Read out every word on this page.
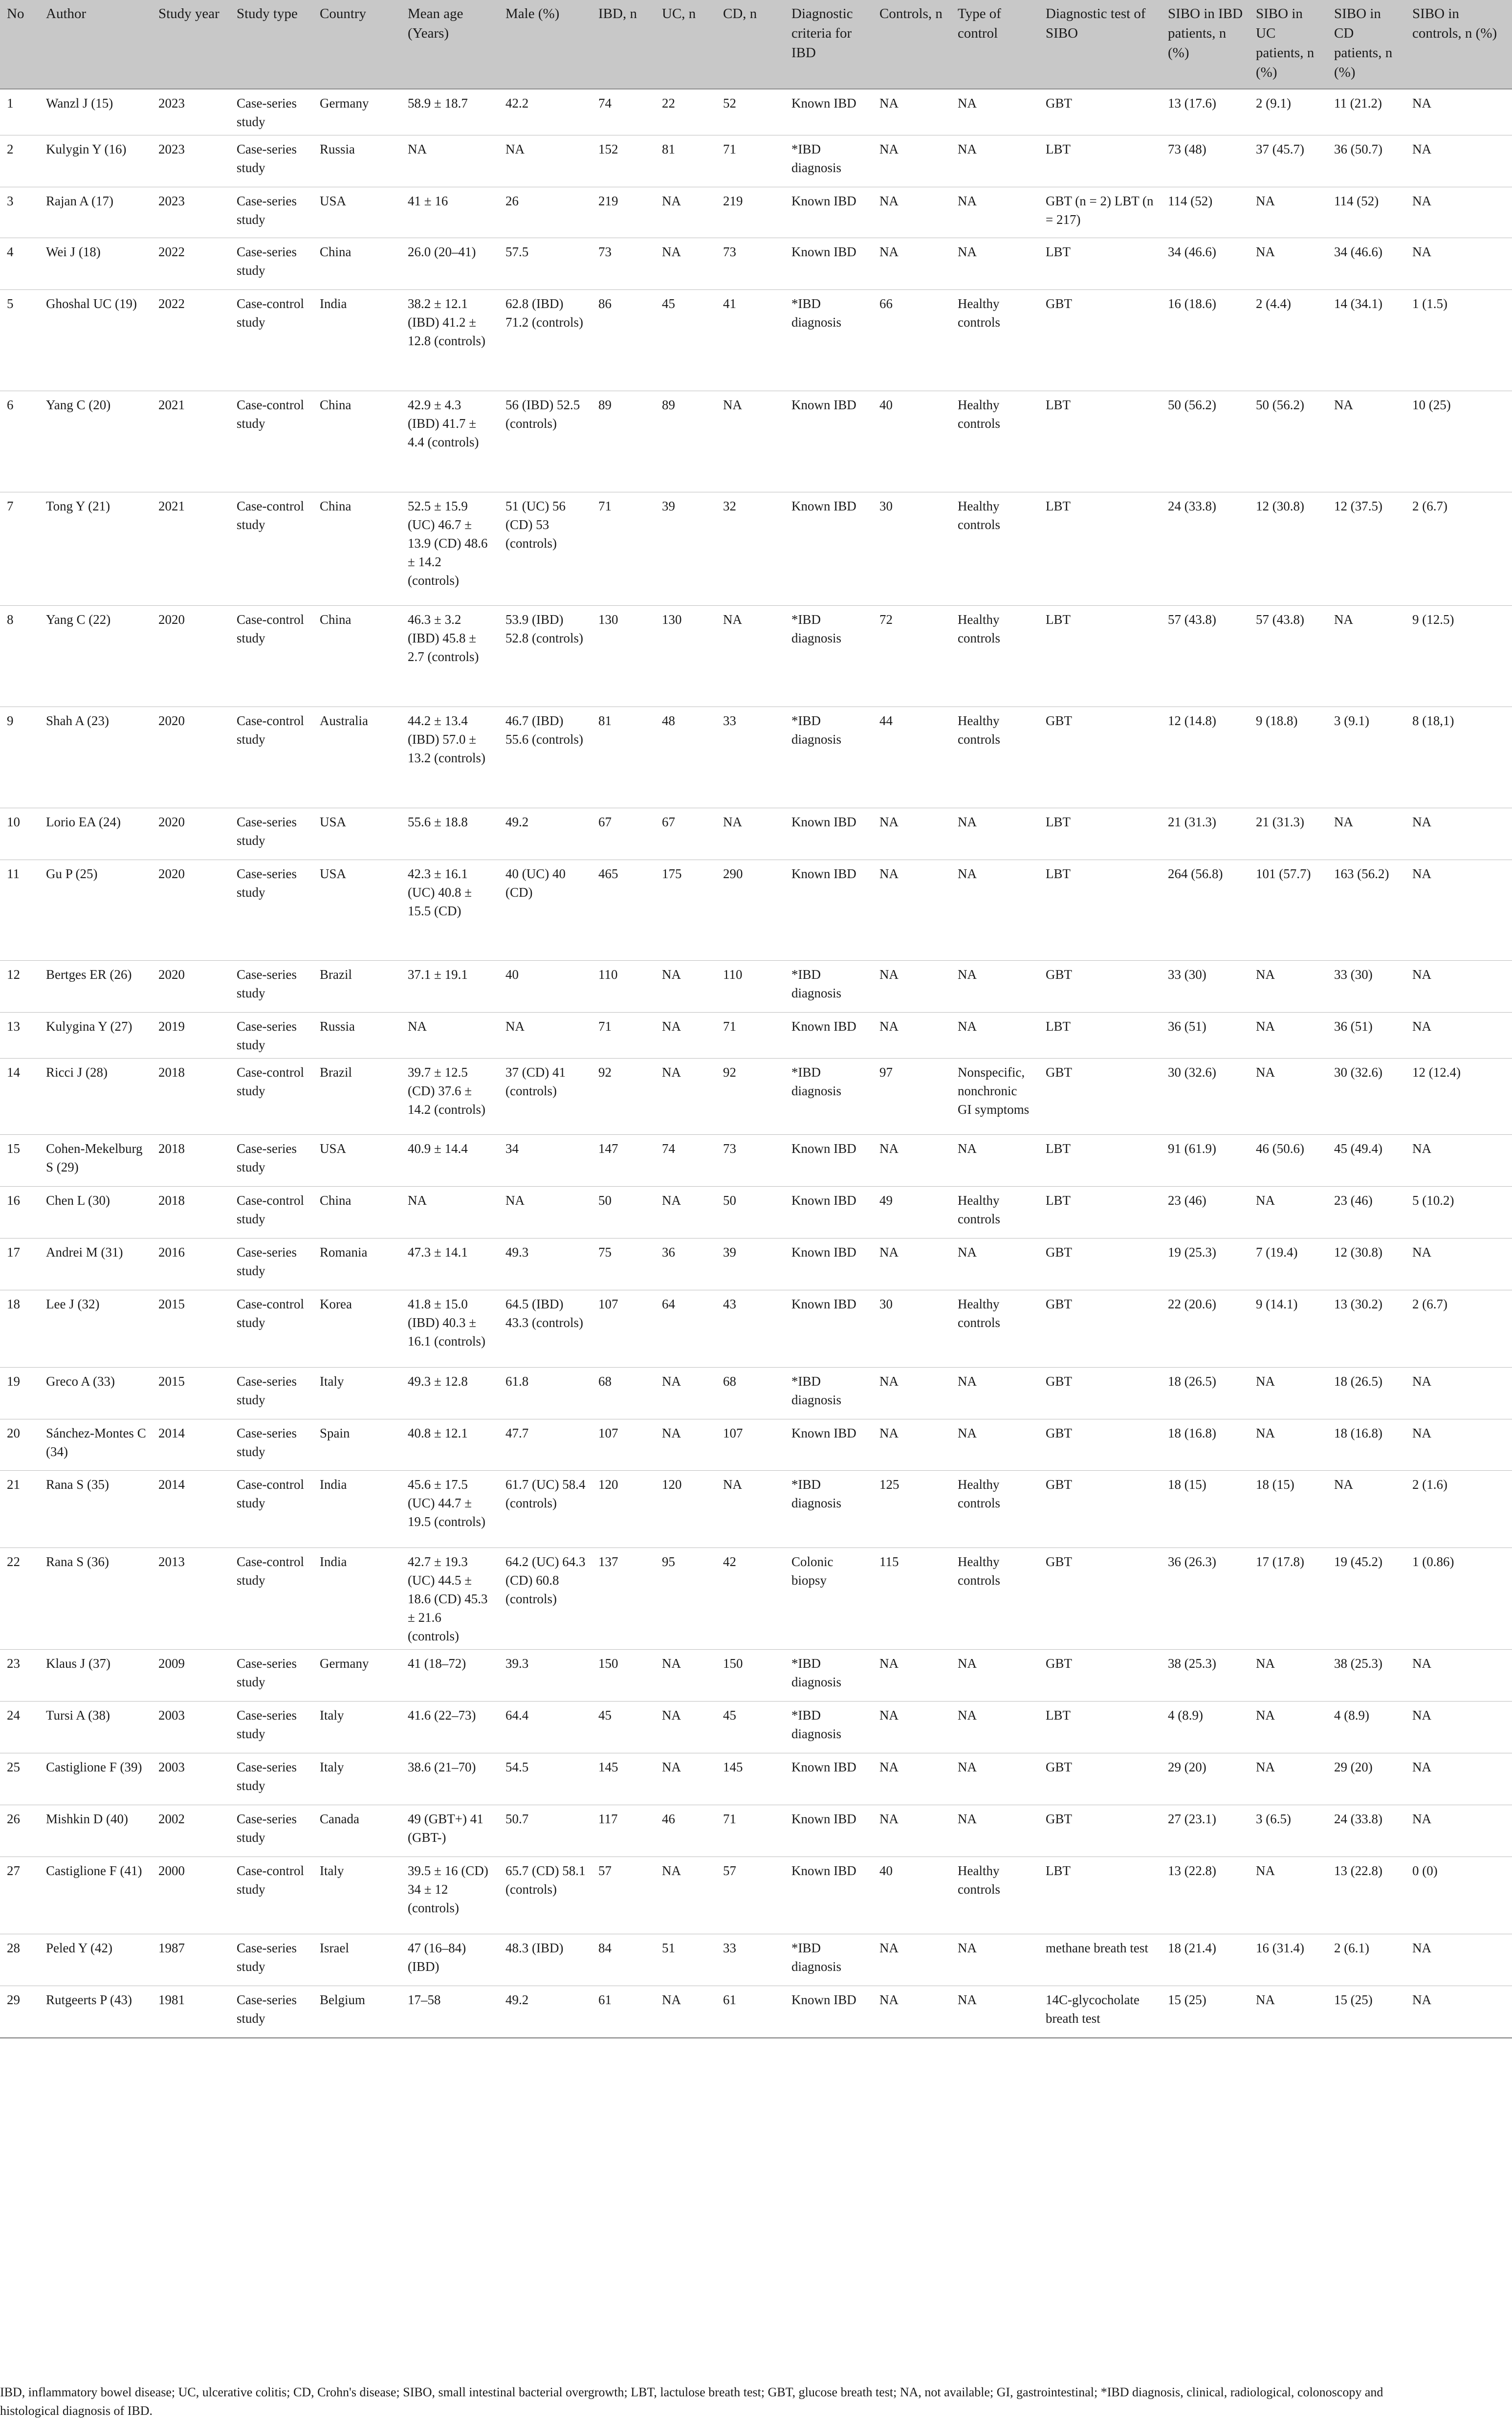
No	Author	Study year	Study type	Country	Mean age (Years)	Male (%)	IBD, n	UC, n	CD, n	Diagnostic criteria for IBD	Controls, n	Type of control	Diagnostic test of SIBO	SIBO in IBD patients, n (%)	SIBO in UC patients, n (%)	SIBO in CD patients, n (%)	SIBO in controls, n (%)
1	Wanzl J (15)	2023	Case-series study	Germany	58.9 ± 18.7	42.2	74	22	52	Known IBD	NA	NA	GBT	13 (17.6)	2 (9.1)	11 (21.2)	NA
2	Kulygin Y (16)	2023	Case-series study	Russia	NA	NA	152	81	71	*IBD diagnosis	NA	NA	LBT	73 (48)	37 (45.7)	36 (50.7)	NA
3	Rajan A (17)	2023	Case-series study	USA	41 ± 16	26	219	NA	219	Known IBD	NA	NA	GBT (n = 2) LBT (n = 217)	114 (52)	NA	114 (52)	NA
4	Wei J (18)	2022	Case-series study	China	26.0 (20–41)	57.5	73	NA	73	Known IBD	NA	NA	LBT	34 (46.6)	NA	34 (46.6)	NA
5	Ghoshal UC (19)	2022	Case-control study	India	38.2 ± 12.1 (IBD) 41.2 ± 12.8 (controls)	62.8 (IBD) 71.2 (controls)	86	45	41	*IBD diagnosis	66	Healthy controls	GBT	16 (18.6)	2 (4.4)	14 (34.1)	1 (1.5)
6	Yang C (20)	2021	Case-control study	China	42.9 ± 4.3 (IBD) 41.7 ± 4.4 (controls)	56 (IBD) 52.5 (controls)	89	89	NA	Known IBD	40	Healthy controls	LBT	50 (56.2)	50 (56.2)	NA	10 (25)
7	Tong Y (21)	2021	Case-control study	China	52.5 ± 15.9 (UC) 46.7 ± 13.9 (CD) 48.6 ± 14.2 (controls)	51 (UC) 56 (CD) 53 (controls)	71	39	32	Known IBD	30	Healthy controls	LBT	24 (33.8)	12 (30.8)	12 (37.5)	2 (6.7)
8	Yang C (22)	2020	Case-control study	China	46.3 ± 3.2 (IBD) 45.8 ± 2.7 (controls)	53.9 (IBD) 52.8 (controls)	130	130	NA	*IBD diagnosis	72	Healthy controls	LBT	57 (43.8)	57 (43.8)	NA	9 (12.5)
9	Shah A (23)	2020	Case-control study	Australia	44.2 ± 13.4 (IBD) 57.0 ± 13.2 (controls)	46.7 (IBD) 55.6 (controls)	81	48	33	*IBD diagnosis	44	Healthy controls	GBT	12 (14.8)	9 (18.8)	3 (9.1)	8 (18,1)
10	Lorio EA (24)	2020	Case-series study	USA	55.6 ± 18.8	49.2	67	67	NA	Known IBD	NA	NA	LBT	21 (31.3)	21 (31.3)	NA	NA
11	Gu P (25)	2020	Case-series study	USA	42.3 ± 16.1 (UC) 40.8 ± 15.5 (CD)	40 (UC) 40 (CD)	465	175	290	Known IBD	NA	NA	LBT	264 (56.8)	101 (57.7)	163 (56.2)	NA
12	Bertges ER (26)	2020	Case-series study	Brazil	37.1 ± 19.1	40	110	NA	110	*IBD diagnosis	NA	NA	GBT	33 (30)	NA	33 (30)	NA
13	Kulygina Y (27)	2019	Case-series study	Russia	NA	NA	71	NA	71	Known IBD	NA	NA	LBT	36 (51)	NA	36 (51)	NA
14	Ricci J (28)	2018	Case-control study	Brazil	39.7 ± 12.5 (CD) 37.6 ± 14.2 (controls)	37 (CD) 41 (controls)	92	NA	92	*IBD diagnosis	97	Nonspecific, nonchronic GI symptoms	GBT	30 (32.6)	NA	30 (32.6)	12 (12.4)
15	Cohen-Mekelburg S (29)	2018	Case-series study	USA	40.9 ± 14.4	34	147	74	73	Known IBD	NA	NA	LBT	91 (61.9)	46 (50.6)	45 (49.4)	NA
16	Chen L (30)	2018	Case-control study	China	NA	NA	50	NA	50	Known IBD	49	Healthy controls	LBT	23 (46)	NA	23 (46)	5 (10.2)
17	Andrei M (31)	2016	Case-series study	Romania	47.3 ± 14.1	49.3	75	36	39	Known IBD	NA	NA	GBT	19 (25.3)	7 (19.4)	12 (30.8)	NA
18	Lee J (32)	2015	Case-control study	Korea	41.8 ± 15.0 (IBD) 40.3 ± 16.1 (controls)	64.5 (IBD) 43.3 (controls)	107	64	43	Known IBD	30	Healthy controls	GBT	22 (20.6)	9 (14.1)	13 (30.2)	2 (6.7)
19	Greco A (33)	2015	Case-series study	Italy	49.3 ± 12.8	61.8	68	NA	68	*IBD diagnosis	NA	NA	GBT	18 (26.5)	NA	18 (26.5)	NA
20	Sánchez-Montes C (34)	2014	Case-series study	Spain	40.8 ± 12.1	47.7	107	NA	107	Known IBD	NA	NA	GBT	18 (16.8)	NA	18 (16.8)	NA
21	Rana S (35)	2014	Case-control study	India	45.6 ± 17.5 (UC) 44.7 ± 19.5 (controls)	61.7 (UC) 58.4 (controls)	120	120	NA	*IBD diagnosis	125	Healthy controls	GBT	18 (15)	18 (15)	NA	2 (1.6)
22	Rana S (36)	2013	Case-control study	India	42.7 ± 19.3 (UC) 44.5 ± 18.6 (CD) 45.3 ± 21.6 (controls)	64.2 (UC) 64.3 (CD) 60.8 (controls)	137	95	42	Colonic biopsy	115	Healthy controls	GBT	36 (26.3)	17 (17.8)	19 (45.2)	1 (0.86)
23	Klaus J (37)	2009	Case-series study	Germany	41 (18–72)	39.3	150	NA	150	*IBD diagnosis	NA	NA	GBT	38 (25.3)	NA	38 (25.3)	NA
24	Tursi A (38)	2003	Case-series study	Italy	41.6 (22–73)	64.4	45	NA	45	*IBD diagnosis	NA	NA	LBT	4 (8.9)	NA	4 (8.9)	NA
25	Castiglione F (39)	2003	Case-series study	Italy	38.6 (21–70)	54.5	145	NA	145	Known IBD	NA	NA	GBT	29 (20)	NA	29 (20)	NA
26	Mishkin D (40)	2002	Case-series study	Canada	49 (GBT+) 41 (GBT-)	50.7	117	46	71	Known IBD	NA	NA	GBT	27 (23.1)	3 (6.5)	24 (33.8)	NA
27	Castiglione F (41)	2000	Case-control study	Italy	39.5 ± 16 (CD) 34 ± 12 (controls)	65.7 (CD) 58.1 (controls)	57	NA	57	Known IBD	40	Healthy controls	LBT	13 (22.8)	NA	13 (22.8)	0 (0)
28	Peled Y (42)	1987	Case-series study	Israel	47 (16–84) (IBD)	48.3 (IBD)	84	51	33	*IBD diagnosis	NA	NA	methane breath test	18 (21.4)	16 (31.4)	2 (6.1)	NA
29	Rutgeerts P (43)	1981	Case-series study	Belgium	17–58	49.2	61	NA	61	Known IBD	NA	NA	14C-glycocholate breath test	15 (25)	NA	15 (25)	NA
IBD, inflammatory bowel disease; UC, ulcerative colitis; CD, Crohn's disease; SIBO, small intestinal bacterial overgrowth; LBT, lactulose breath test; GBT, glucose breath test; NA, not available; GI, gastrointestinal; *IBD diagnosis, clinical, radiological, colonoscopy and histological diagnosis of IBD.
